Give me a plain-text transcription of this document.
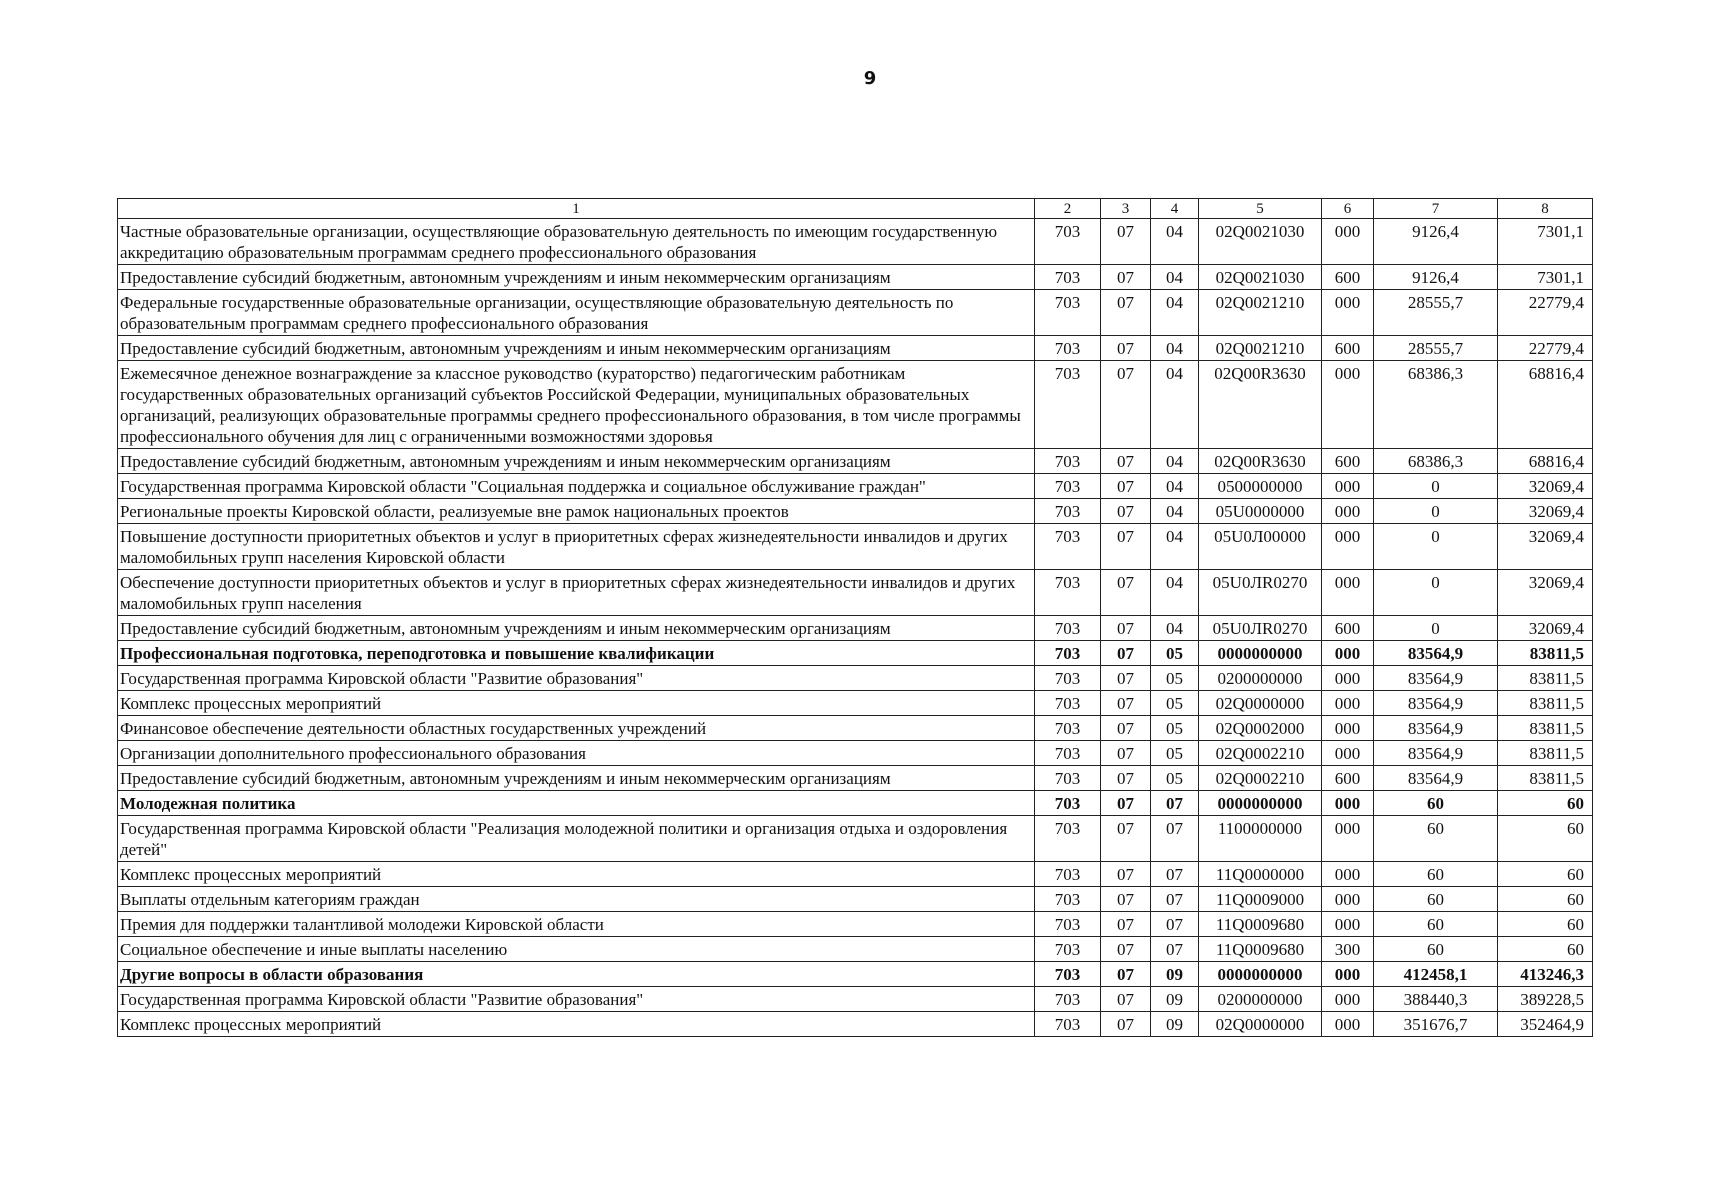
9
1	2	3	4	5	6	7	8
Частные образовательные организации, осуществляющие образовательную деятельность по имеющим государственную аккредитацию образовательным программам среднего профессионального образования	703	07	04	02Q0021030	000	9126,4	7301,1
Предоставление субсидий бюджетным, автономным учреждениям и иным некоммерческим организациям	703	07	04	02Q0021030	600	9126,4	7301,1
Федеральные государственные образовательные организации, осуществляющие образовательную деятельность по образовательным программам среднего профессионального образования	703	07	04	02Q0021210	000	28555,7	22779,4
Предоставление субсидий бюджетным, автономным учреждениям и иным некоммерческим организациям	703	07	04	02Q0021210	600	28555,7	22779,4
Ежемесячное денежное вознаграждение за классное руководство (кураторство) педагогическим работникам государственных образовательных организаций субъектов Российской Федерации, муниципальных образовательных организаций, реализующих образовательные программы среднего профессионального образования, в том числе программы профессионального обучения для лиц с ограниченными возможностями здоровья	703	07	04	02Q00R3630	000	68386,3	68816,4
Предоставление субсидий бюджетным, автономным учреждениям и иным некоммерческим организациям	703	07	04	02Q00R3630	600	68386,3	68816,4
Государственная программа Кировской области "Социальная поддержка и социальное обслуживание граждан"	703	07	04	0500000000	000	0	32069,4
Региональные проекты Кировской области, реализуемые вне рамок национальных проектов	703	07	04	05U0000000	000	0	32069,4
Повышение доступности приоритетных объектов и услуг в приоритетных сферах жизнедеятельности инвалидов и других маломобильных групп населения Кировской области	703	07	04	05U0Л00000	000	0	32069,4
Обеспечение доступности приоритетных объектов и услуг в приоритетных сферах жизнедеятельности инвалидов и других маломобильных групп населения	703	07	04	05U0ЛR0270	000	0	32069,4
Предоставление субсидий бюджетным, автономным учреждениям и иным некоммерческим организациям	703	07	04	05U0ЛR0270	600	0	32069,4
Профессиональная подготовка, переподготовка и повышение квалификации	703	07	05	0000000000	000	83564,9	83811,5
Государственная программа Кировской области "Развитие образования"	703	07	05	0200000000	000	83564,9	83811,5
Комплекс процессных мероприятий	703	07	05	02Q0000000	000	83564,9	83811,5
Финансовое обеспечение деятельности областных государственных учреждений	703	07	05	02Q0002000	000	83564,9	83811,5
Организации дополнительного профессионального образования	703	07	05	02Q0002210	000	83564,9	83811,5
Предоставление субсидий бюджетным, автономным учреждениям и иным некоммерческим организациям	703	07	05	02Q0002210	600	83564,9	83811,5
Молодежная политика	703	07	07	0000000000	000	60	60
Государственная программа Кировской области "Реализация молодежной политики и организация отдыха и оздоровления детей"	703	07	07	1100000000	000	60	60
Комплекс процессных мероприятий	703	07	07	11Q0000000	000	60	60
Выплаты отдельным категориям граждан	703	07	07	11Q0009000	000	60	60
Премия для поддержки талантливой молодежи Кировской области	703	07	07	11Q0009680	000	60	60
Социальное обеспечение и иные выплаты населению	703	07	07	11Q0009680	300	60	60
Другие вопросы в области образования	703	07	09	0000000000	000	412458,1	413246,3
Государственная программа Кировской области "Развитие образования"	703	07	09	0200000000	000	388440,3	389228,5
Комплекс процессных мероприятий	703	07	09	02Q0000000	000	351676,7	352464,9
